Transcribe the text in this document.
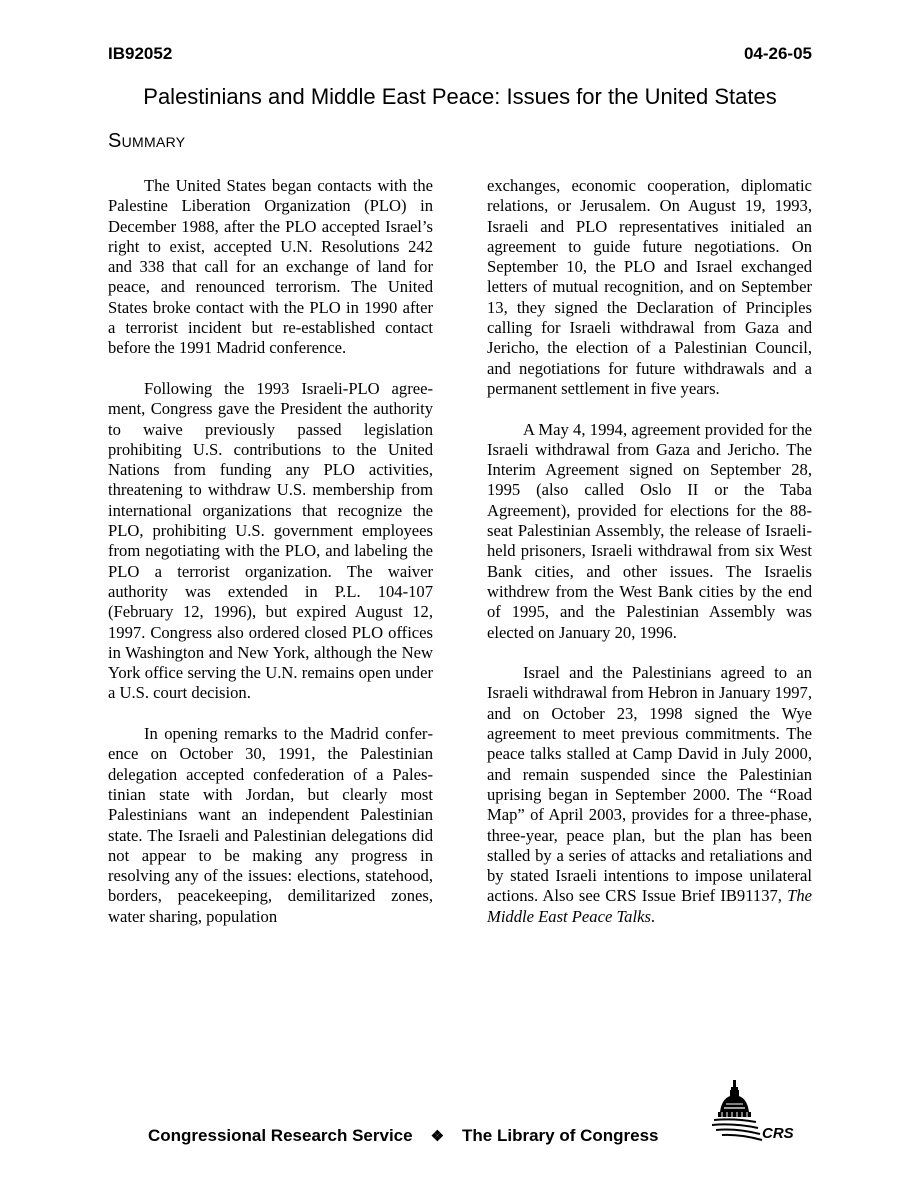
IB92052	04-26-05
Palestinians and Middle East Peace: Issues for the United States
Summary

The United States began contacts with the Palestine Liberation Organization (PLO) in December 1988, after the PLO accepted Israel’s right to exist, accepted U.N. Resolutions 242 and 338 that call for an exchange of land for peace, and renounced terrorism. The United States broke contact with the PLO in 1990 after a terrorist incident but re-established contact before the 1991 Madrid conference.

Following the 1993 Israeli-PLO agreement, Congress gave the President the authority to waive previously passed legislation prohibiting U.S. contributions to the United Nations from funding any PLO activities, threatening to withdraw U.S. membership from international organizations that recognize the PLO, prohibiting U.S. government employees from negotiating with the PLO, and labeling the PLO a terrorist organization. The waiver authority was extended in P.L. 104-107 (February 12, 1996), but expired August 12, 1997. Congress also ordered closed PLO offices in Washington and New York, although the New York office serving the U.N. remains open under a U.S. court decision.

In opening remarks to the Madrid conference on October 30, 1991, the Palestinian delegation accepted confederation of a Palestinian state with Jordan, but clearly most Palestinians want an independent Palestinian state. The Israeli and Palestinian delegations did not appear to be making any progress in resolving any of the issues: elections, statehood, borders, peacekeeping, demilitarized zones, water sharing, population

exchanges, economic cooperation, diplomatic relations, or Jerusalem. On August 19, 1993, Israeli and PLO representatives initialed an agreement to guide future negotiations. On September 10, the PLO and Israel exchanged letters of mutual recognition, and on September 13, they signed the Declaration of Principles calling for Israeli withdrawal from Gaza and Jericho, the election of a Palestinian Council, and negotiations for future withdrawals and a permanent settlement in five years.

A May 4, 1994, agreement provided for the Israeli withdrawal from Gaza and Jericho. The Interim Agreement signed on September 28, 1995 (also called Oslo II or the Taba Agreement), provided for elections for the 88-seat Palestinian Assembly, the release of Israeli-held prisoners, Israeli withdrawal from six West Bank cities, and other issues. The Israelis withdrew from the West Bank cities by the end of 1995, and the Palestinian Assembly was elected on January 20, 1996.

Israel and the Palestinians agreed to an Israeli withdrawal from Hebron in January 1997, and on October 23, 1998 signed the Wye agreement to meet previous commitments. The peace talks stalled at Camp David in July 2000, and remain suspended since the Palestinian uprising began in September 2000. The “Road Map” of April 2003, provides for a three-phase, three-year, peace plan, but the plan has been stalled by a series of attacks and retaliations and by stated Israeli intentions to impose unilateral actions. Also see CRS Issue Brief IB91137, The Middle East Peace Talks.

Congressional Research Service ❖ The Library of Congress	CRS
